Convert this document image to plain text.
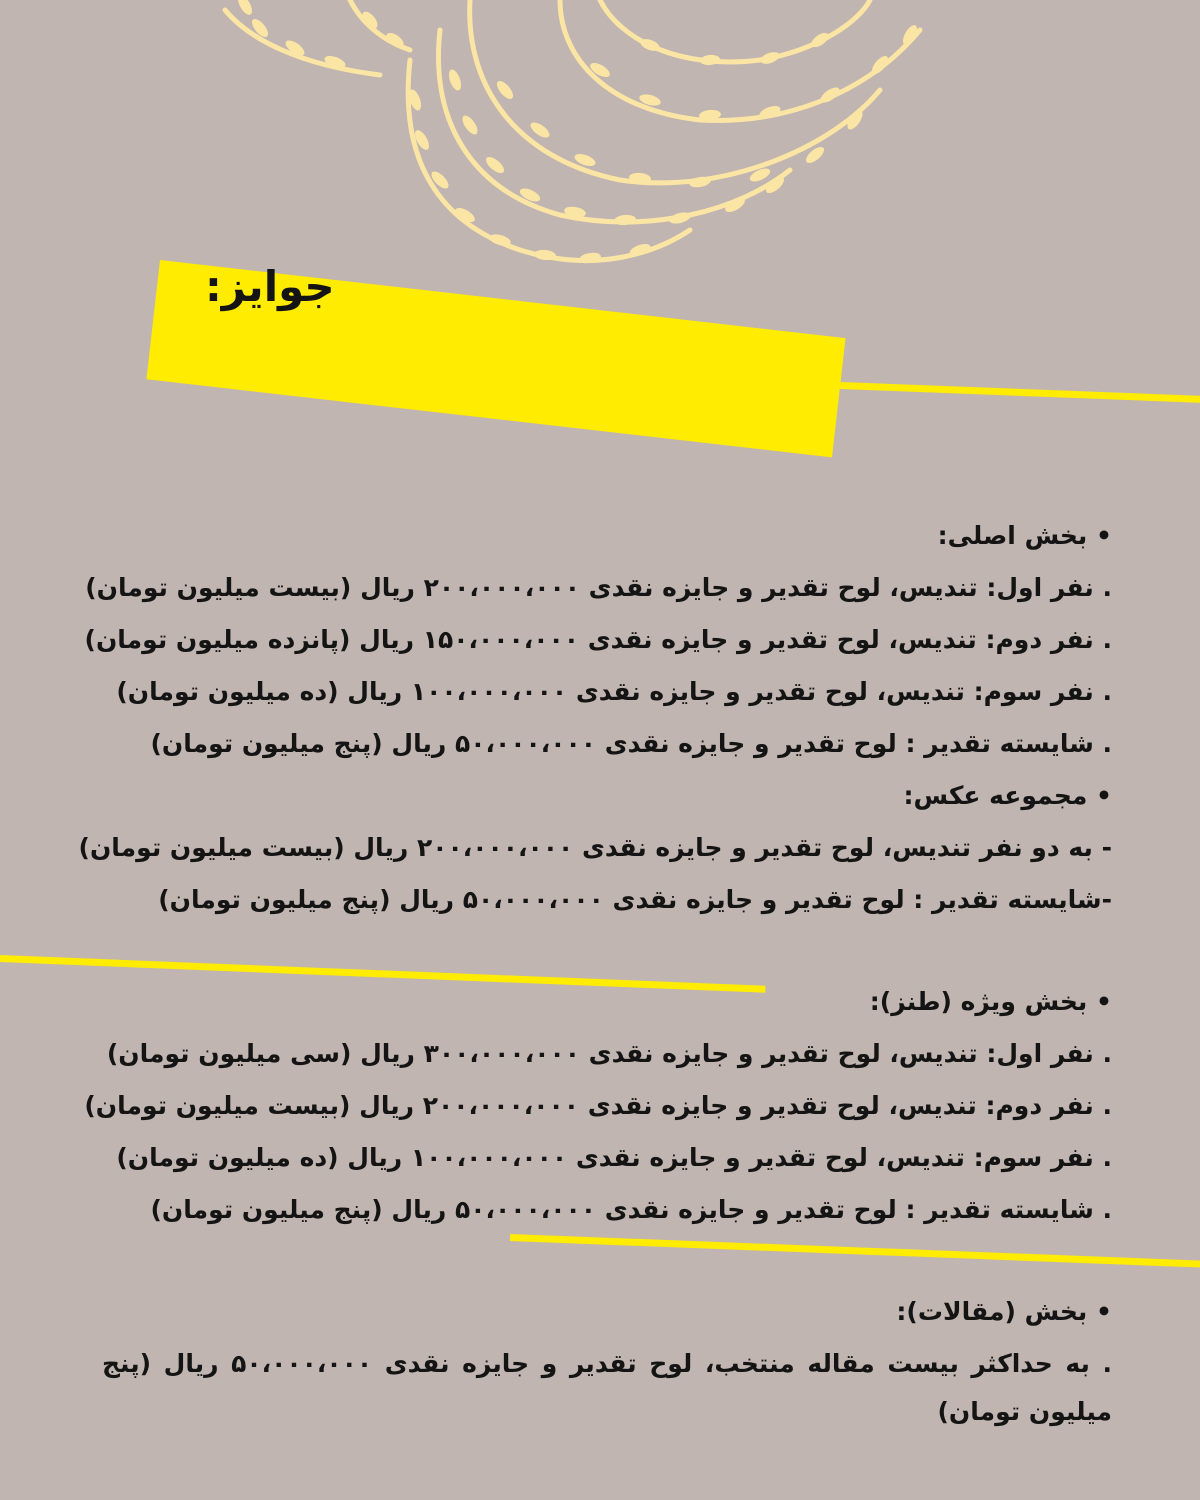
جوایز:
• بخش اصلی:
. نفر اول: تندیس، لوح تقدیر و جایزه نقدی ۲۰۰،۰۰۰،۰۰۰ ریال (بیست میلیون تومان)
. نفر دوم: تندیس، لوح تقدیر و جایزه نقدی ۱۵۰،۰۰۰،۰۰۰ ریال (پانزده میلیون تومان)
. نفر سوم: تندیس، لوح تقدیر و جایزه نقدی ۱۰۰،۰۰۰،۰۰۰ ریال (ده میلیون تومان)
. شایسته تقدیر : لوح تقدیر و جایزه نقدی ۵۰،۰۰۰،۰۰۰ ریال (پنج میلیون تومان)
• مجموعه عکس:
- به دو نفر تندیس، لوح تقدیر و جایزه نقدی ۲۰۰،۰۰۰،۰۰۰ ریال (بیست میلیون تومان)
-شایسته تقدیر : لوح تقدیر و جایزه نقدی ۵۰،۰۰۰،۰۰۰ ریال (پنج میلیون تومان)
• بخش ویژه (طنز):
. نفر اول: تندیس، لوح تقدیر و جایزه نقدی ۳۰۰،۰۰۰،۰۰۰ ریال (سی میلیون تومان)
. نفر دوم: تندیس، لوح تقدیر و جایزه نقدی ۲۰۰،۰۰۰،۰۰۰ ریال (بیست میلیون تومان)
. نفر سوم: تندیس، لوح تقدیر و جایزه نقدی ۱۰۰،۰۰۰،۰۰۰ ریال (ده میلیون تومان)
. شایسته تقدیر : لوح تقدیر و جایزه نقدی ۵۰،۰۰۰،۰۰۰ ریال (پنج میلیون تومان)
• بخش (مقالات):
. به حداکثر بیست مقاله منتخب، لوح تقدیر و جایزه نقدی ۵۰،۰۰۰،۰۰۰ ریال (پنج میلیون تومان)
